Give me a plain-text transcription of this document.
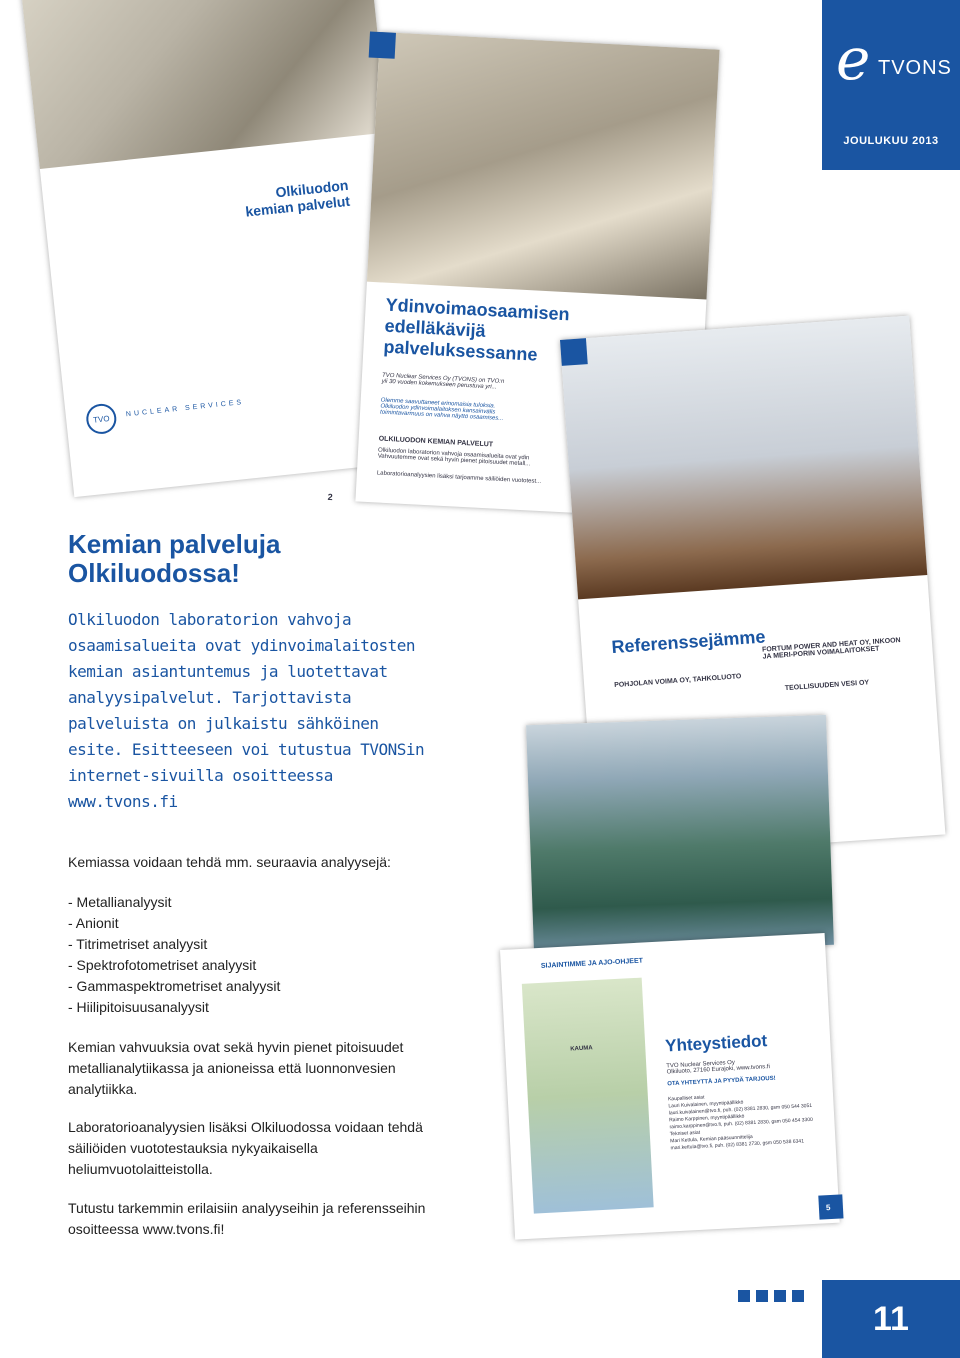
e TVONS
JOULUKUU 2013
Olkiluodon
kemian palvelut
TVO
NUCLEAR SERVICES
Ydinvoimaosaamisen
edelläkävijä
palveluksessanne
TVO Nuclear Services Oy (TVONS) on TVO:n
yli 30 vuoden kokemukseen perustuva yri...
Olemme saavuttaneet erinomaisia tuloksia.
Olkiluodon ydinvoimalaitoksen kansainvälis
toimintavarmuus on vahva näyttö osaamises...
OLKILUODON KEMIAN PALVELUT
Olkiluodon laboratorion vahvoja osaamisalueita ovat ydin
Vahvuutemme ovat sekä hyvin pienet pitoisuudet metall...
Laboratorioanalyysien lisäksi tarjoamme säiliöiden vuototest...
2
Referenssejämme
POHJOLAN VOIMA OY, TAHKOLUOTO
FORTUM POWER AND HEAT OY, INKOON
JA MERI-PORIN VOIMALAITOKSET
TEOLLISUUDEN VESI OY
SIJAINTIMME JA AJO-OHJEET
KAUMA	Yhteystiedot
TVO Nuclear Services Oy
Olkiluoto, 27160 Eurajoki, www.tvons.fi
OTA YHTEYTTÄ JA PYYDÄ TARJOUS!
Kaupalliset asiat
Lauri Kuivalainen, myyntipäällikkö
lauri.kuivalainen@tvo.fi, puh. (02) 8381 2830, gsm 050 544 3051
Raimo Karppinen, myyntipäällikkö
raimo.karppinen@tvo.fi, puh. (02) 8381 2830, gsm 050 454 3300
Tekniset asiat
Mari Kettula, Kemian pääsuunnittelija
mari.kettula@tvo.fi, puh. (02) 8381 2730, gsm 050 538 6341
5
Kemian palveluja Olkiluodossa!
Olkiluodon laboratorion vahvoja osaamisalueita ovat ydinvoimalaitosten kemian asiantuntemus ja luotettavat analyysipalvelut. Tarjottavista palveluista on julkaistu sähköinen esite. Esitteeseen voi tutustua TVONSin internet-sivuilla osoitteessa www.tvons.fi
Kemiassa voidaan tehdä mm. seuraavia analyysejä:
- Metallianalyysit
- Anionit
- Titrimetriset analyysit
- Spektrofotometriset analyysit
- Gammaspektrometriset analyysit
- Hiilipitoisuusanalyysit
Kemian vahvuuksia ovat sekä hyvin pienet pitoisuudet metallianalytiikassa ja anioneissa että luonnonvesien analytiikka.
Laboratorioanalyysien lisäksi Olkiluodossa voidaan tehdä säiliöiden vuototestauksia nykyaikaisella heliumvuotolaitteistolla.
Tutustu tarkemmin erilaisiin analyyseihin ja referensseihin osoitteessa www.tvons.fi!
11
